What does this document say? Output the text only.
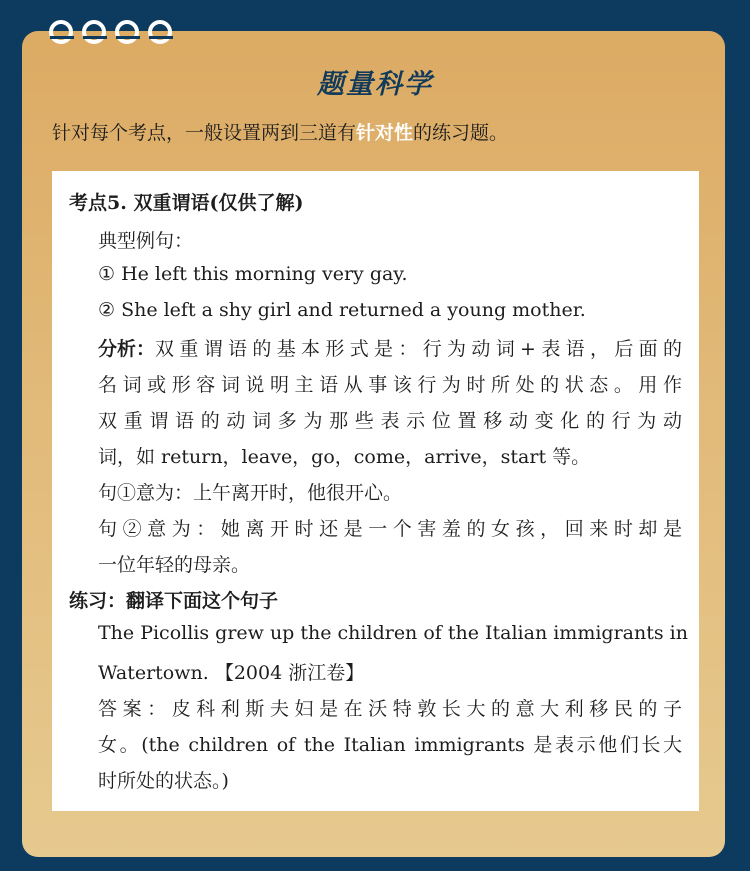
题量科学
针对每个考点，一般设置两到三道有针对性的练习题。
考点5. 双重谓语(仅供了解)
典型例句：
① He left this morning very gay.
② She left a shy girl and returned a young mother.
分析： 双重谓语的基本形式是：行为动词+表语，后面的
名词或形容词说明主语从事该行为时所处的状态。用作
双重谓语的动词多为那些表示位置移动变化的行为动
词，如 return，leave，go，come，arrive，start 等。
句①意为：上午离开时，他很开心。
句②意为：她离开时还是一个害羞的女孩，回来时却是
一位年轻的母亲。
练习：翻译下面这个句子
The Picollis grew up the children of the Italian immigrants in
Watertown. 【2004 浙江卷】
答案：皮科利斯夫妇是在沃特敦长大的意大利移民的子
女。(the children of the Italian immigrants 是表示他们长大
时所处的状态。)
